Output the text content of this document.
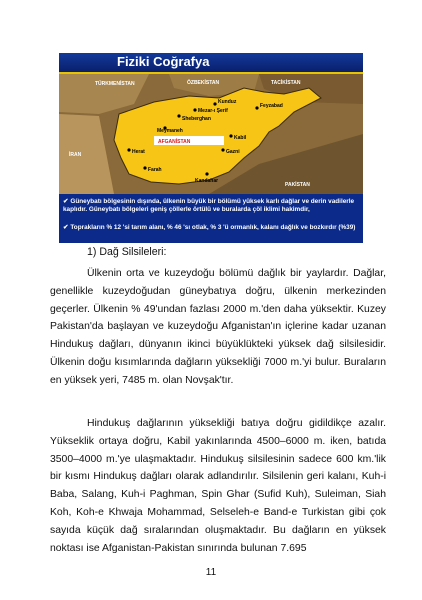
Fiziki Coğrafya
AFGANİSTAN
TÜRKMENİSTAN	ÖZBEKİSTAN	TACİKİSTAN
İRAN
PAKİSTAN
Kunduz
Mezar-ı Şerif
Sheberghan
Feyzabad
Meymaneh
Herat
Kabil
Farah
Kandahar
Gazni
✔ Güneybatı bölgesinin dışında, ülkenin büyük bir bölümü yüksek karlı dağlar ve derin vadilerle kaplıdır. Güneybatı bölgeleri geniş çöllerle örtülü ve buralarda çöl iklimi hakimdir,
✔ Toprakların % 12 'si tarım alanı, % 46 'sı otlak, % 3 'ü ormanlık, kalanı dağlık ve bozkırdır (%39)
1) Dağ Silsileleri:

Ülkenin orta ve kuzeydoğu bölümü dağlık bir yaylardır. Dağlar, genellikle kuzeydoğudan güneybatıya doğru, ülkenin merkezinden geçerler. Ülkenin % 49'undan fazlası 2000 m.'den daha yüksektir. Kuzey Pakistan'da başlayan ve kuzeydoğu Afganistan'ın içlerine kadar uzanan Hindukuş dağları, dünyanın ikinci büyüklükteki yüksek dağ silsilesidir. Ülkenin doğu kısımlarında dağların yüksekliği 7000 m.'yi bulur. Buraların en yüksek yeri, 7485 m. olan Novşak'tır.

Hindukuş dağlarının yüksekliği batıya doğru gidildikçe azalır. Yükseklik ortaya doğru, Kabil yakınlarında 4500–6000 m. iken, batıda 3500–4000 m.'ye ulaşmaktadır. Hindukuş silsilesinin sadece 600 km.'lik bir kısmı Hindukuş dağları olarak adlandırılır. Silsilenin geri kalanı, Kuh-i Baba, Salang, Kuh-i Paghman, Spin Ghar (Sufid Kuh), Suleiman, Siah Koh, Koh-e Khwaja Mohammad, Selseleh-e Band-e Turkistan gibi çok sayıda küçük dağ sıralarından oluşmaktadır. Bu dağların en yüksek noktası ise Afganistan-Pakistan sınırında bulunan 7.695

11
